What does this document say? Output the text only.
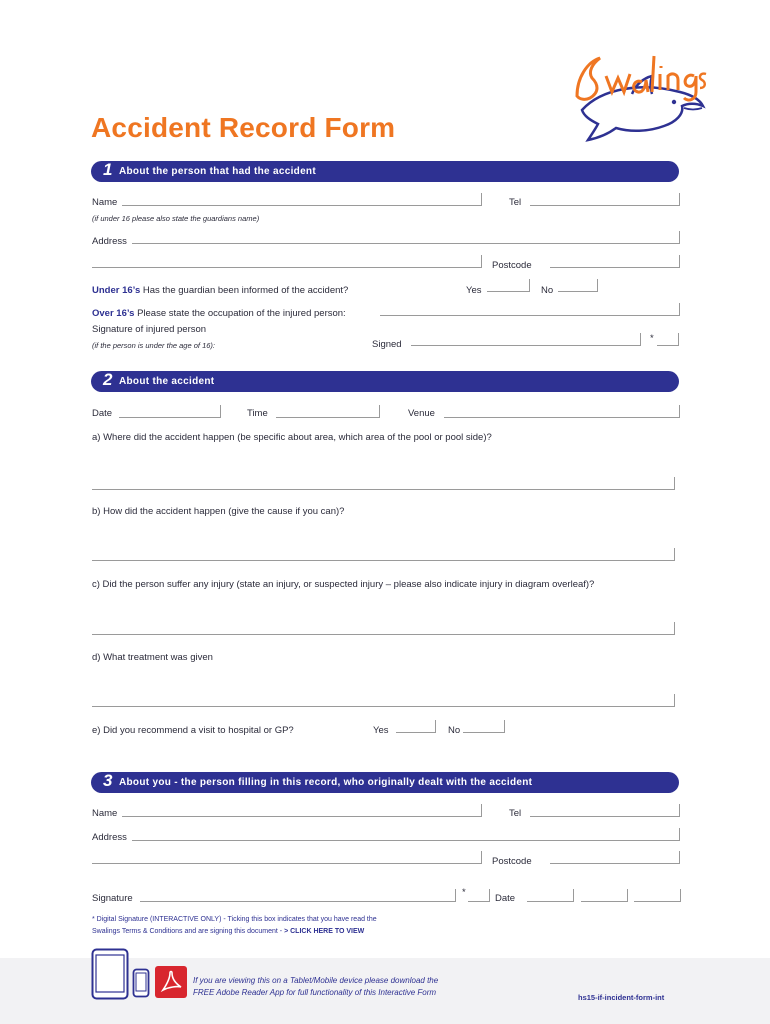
Accident Record Form
1 About the person that had the accident
Name	Tel
(if under 16 please also state the guardians name)
Address
Postcode
Under 16’s Has the guardian been informed of the accident?	Yes	No
Over 16’s Please state the occupation of the injured person:
Signature of injured person
(if the person is under the age of 16):	Signed
*
2 About the accident
Date	Time	Venue
a) Where did the accident happen (be specific about area, which area of the pool or pool side)?
b) How did the accident happen (give the cause if you can)?
c) Did the person suffer any injury (state an injury, or suspected injury – please also indicate injury in diagram overleaf)?
d) What treatment was given
e) Did you recommend a visit to hospital or GP?	Yes	No
3 About you - the person filling in this record, who originally dealt with the accident
Name	Tel
Address
Postcode
Signature
*
Date
* Digital Signature (INTERACTIVE ONLY) - Ticking this box indicates that you have read the
Swalings Terms & Conditions and are signing this document - > CLICK HERE TO VIEW
If you are viewing this on a Tablet/Mobile device please download the
FREE Adobe Reader App for full functionality of this Interactive Form
hs15-if-incident-form-int
